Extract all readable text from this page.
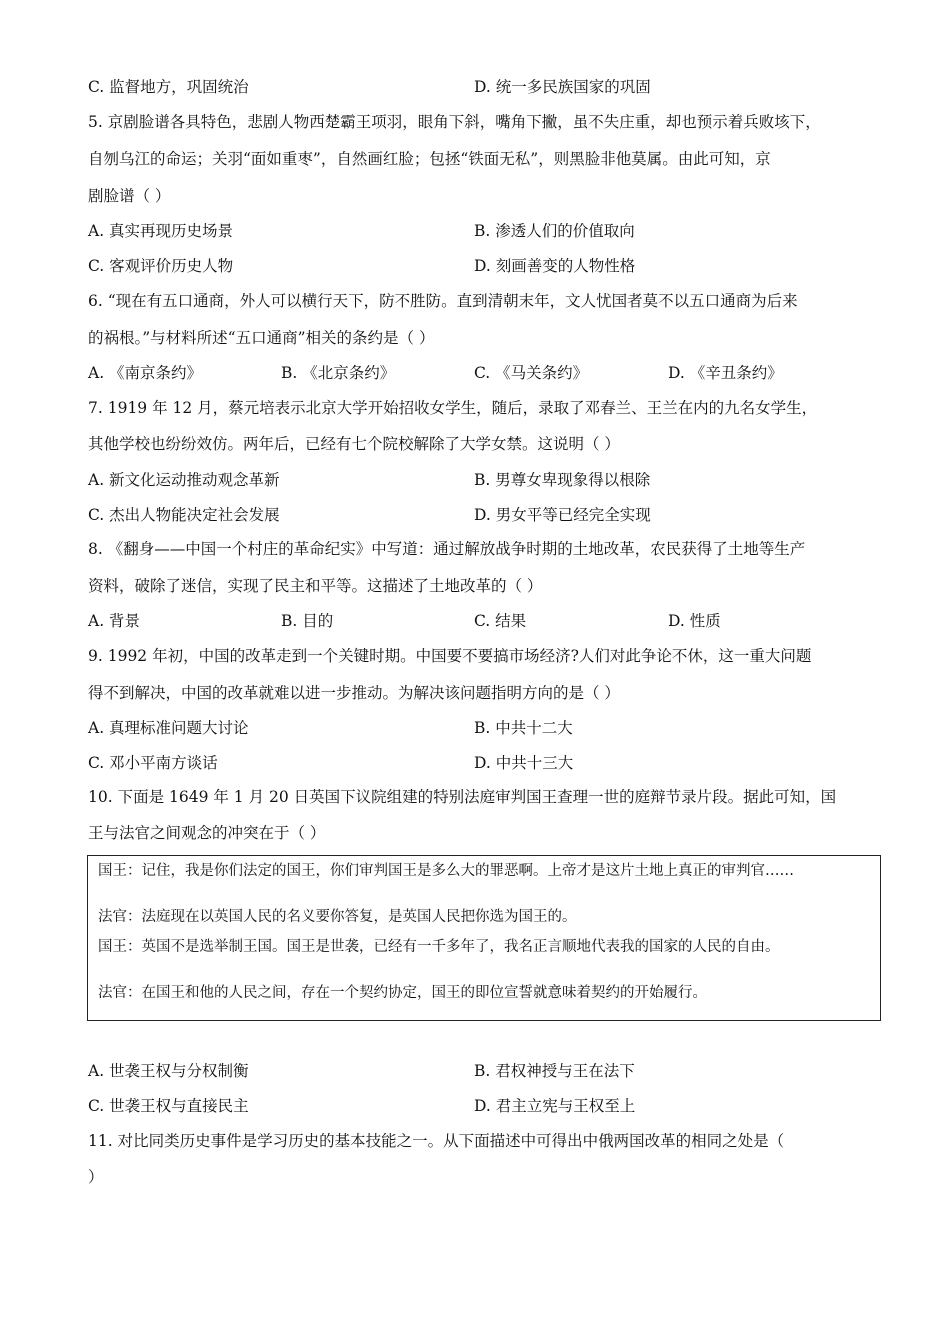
C. 监督地方，巩固统治	D. 统一多民族国家的巩固
5. 京剧脸谱各具特色，悲剧人物西楚霸王项羽，眼角下斜，嘴角下撇，虽不失庄重，却也预示着兵败垓下，
自刎乌江的命运；关羽“面如重枣”，自然画红脸；包拯“铁面无私”，则黑脸非他莫属。由此可知，京
剧脸谱（ ）
A. 真实再现历史场景	B. 渗透人们的价值取向
C. 客观评价历史人物	D. 刻画善变的人物性格
6. “现在有五口通商，外人可以横行天下，防不胜防。直到清朝末年，文人忧国者莫不以五口通商为后来
的祸根。”与材料所述“五口通商”相关的条约是（ ）
A. 《南京条约》	B. 《北京条约》	C. 《马关条约》	D. 《辛丑条约》
7. 1919 年 12 月，蔡元培表示北京大学开始招收女学生，随后，录取了邓春兰、王兰在内的九名女学生，
其他学校也纷纷效仿。两年后，已经有七个院校解除了大学女禁。这说明（ ）
A. 新文化运动推动观念革新	B. 男尊女卑现象得以根除
C. 杰出人物能决定社会发展	D. 男女平等已经完全实现
8. 《翻身——中国一个村庄的革命纪实》中写道：通过解放战争时期的土地改革，农民获得了土地等生产
资料，破除了迷信，实现了民主和平等。这描述了土地改革的（ ）
A. 背景	B. 目的	C. 结果	D. 性质
9. 1992 年初，中国的改革走到一个关键时期。中国要不要搞市场经济?人们对此争论不休，这一重大问题
得不到解决，中国的改革就难以进一步推动。为解决该问题指明方向的是（ ）
A. 真理标准问题大讨论	B. 中共十二大
C. 邓小平南方谈话	D. 中共十三大
10. 下面是 1649 年 1 月 20 日英国下议院组建的特别法庭审判国王查理一世的庭辩节录片段。据此可知，国
王与法官之间观念的冲突在于（ ）
国王：记住，我是你们法定的国王，你们审判国王是多么大的罪恶啊。上帝才是这片土地上真正的审判官……
法官：法庭现在以英国人民的名义要你答复，是英国人民把你选为国王的。
国王：英国不是选举制王国。国王是世袭，已经有一千多年了，我名正言顺地代表我的国家的人民的自由。
法官：在国王和他的人民之间，存在一个契约协定，国王的即位宣誓就意味着契约的开始履行。
A. 世袭王权与分权制衡	B. 君权神授与王在法下
C. 世袭王权与直接民主	D. 君主立宪与王权至上
11. 对比同类历史事件是学习历史的基本技能之一。从下面描述中可得出中俄两国改革的相同之处是（
）
